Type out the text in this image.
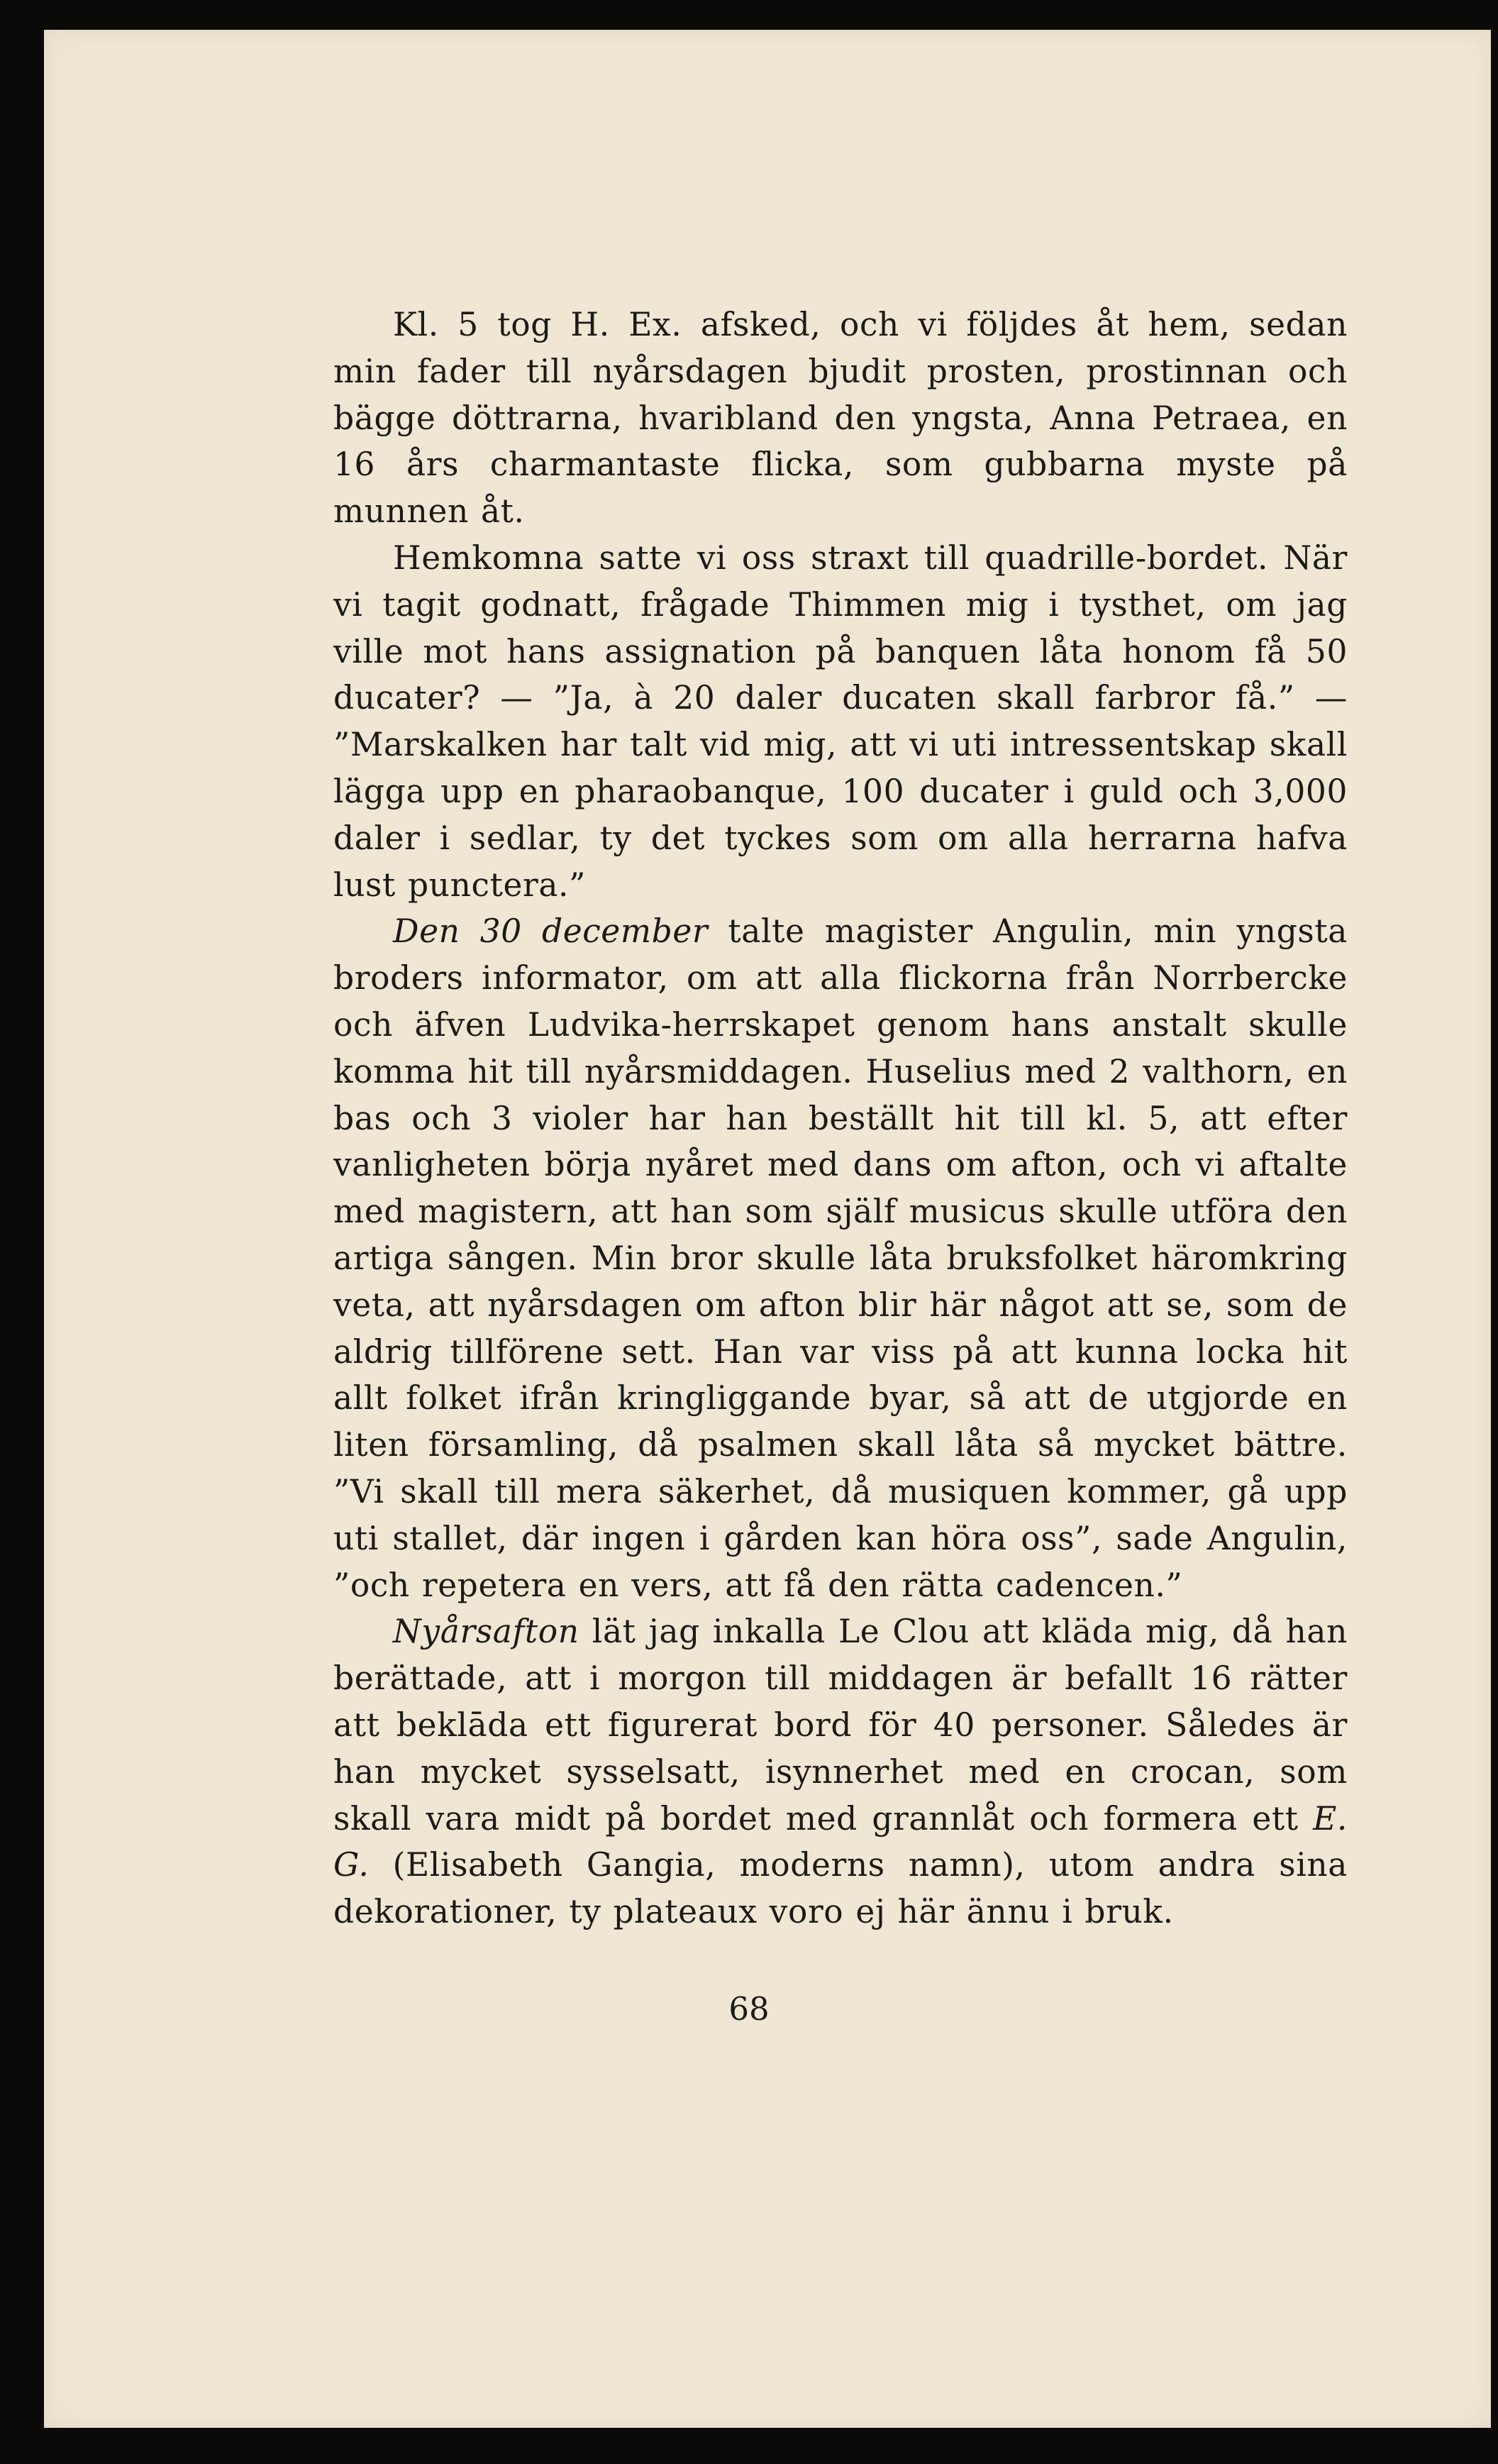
Kl. 5 tog H. Ex. afsked, och vi följdes åt hem, sedan min fader till nyårsdagen bjudit prosten, prostinnan och bägge döttrarna, hvaribland den yngsta, Anna Petraea, en 16 års charmantaste flicka, som gubbarna myste på munnen åt.

Hemkomna satte vi oss straxt till quadrille-bordet. När vi tagit godnatt, frågade Thimmen mig i tysthet, om jag ville mot hans assignation på banquen låta honom få 50 ducater? — ”Ja, à 20 daler ducaten skall farbror få.” — ”Marskalken har talt vid mig, att vi uti intressentskap skall lägga upp en pharaobanque, 100 ducater i guld och 3,000 daler i sedlar, ty det tyckes som om alla herrarna hafva lust punctera.”

Den 30 december talte magister Angulin, min yngsta broders informator, om att alla flickorna från Norrbercke och äfven Ludvika-herrskapet genom hans anstalt skulle komma hit till nyårsmiddagen. Huselius med 2 valthorn, en bas och 3 violer har han beställt hit till kl. 5, att efter vanligheten börja nyåret med dans om afton, och vi aftalte med magistern, att han som själf musicus skulle utföra den artiga sången. Min bror skulle låta bruksfolket häromkring veta, att nyårsdagen om afton blir här något att se, som de aldrig tillförene sett. Han var viss på att kunna locka hit allt folket ifrån kringliggande byar, så att de utgjorde en liten församling, då psalmen skall låta så mycket bättre. ”Vi skall till mera säkerhet, då musiquen kommer, gå upp uti stallet, där ingen i gården kan höra oss”, sade Angulin, ”och repetera en vers, att få den rätta cadencen.”

Nyårsafton lät jag inkalla Le Clou att kläda mig, då han berättade, att i morgon till middagen är befallt 16 rätter att beklāda ett figurerat bord för 40 personer. Således är han mycket sysselsatt, isynnerhet med en crocan, som skall vara midt på bordet med grannlåt och formera ett E. G. (Elisabeth Gangia, moderns namn), utom andra sina dekorationer, ty plateaux voro ej här ännu i bruk.

68
